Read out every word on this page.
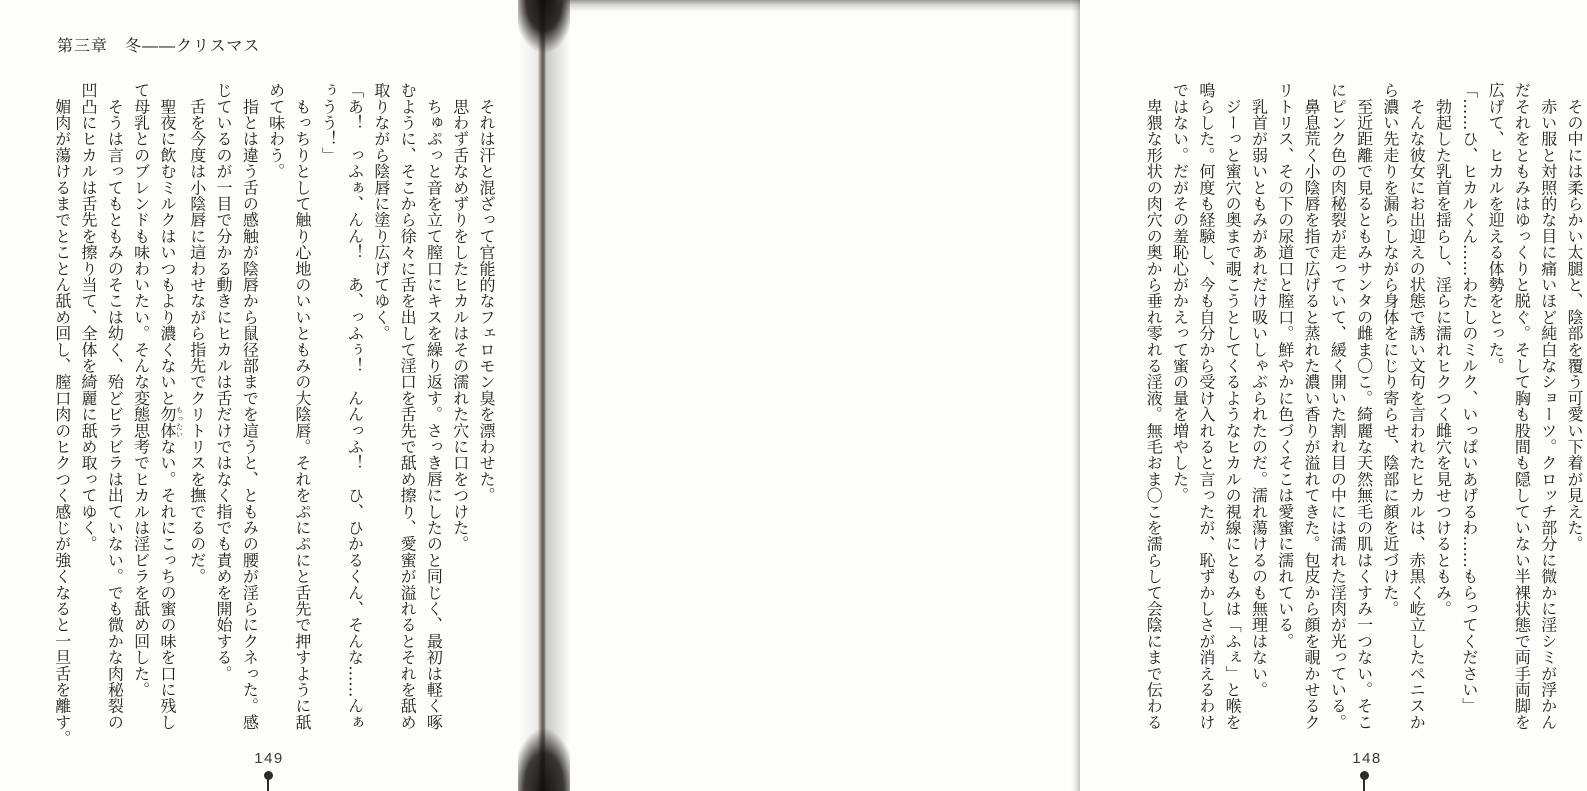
第三章　冬――クリスマス
　それは汗と混ざって官能的なフェロモン臭を漂わせた。
　思わず舌なめずりをしたヒカルはその濡れた穴に口をつけた。
　ちゅぷっと音を立て膣口にキスを繰り返す。さっき唇にしたのと同じく、最初は軽く啄
むように、そこから徐々に舌を出して淫口を舌先で舐め擦り、愛蜜が溢れるとそれを舐め
取りながら陰唇に塗り広げてゆく。
「あ！　っふぁ、んん！　あ、っふぅ！　んんっふ！　ひ、ひかるくん、そんな……んぁ
ぅうう！」
　もっちりとして触り心地のいいともみの大陰唇。それをぷにぷにと舌先で押すように舐
めて味わう。
　指とは違う舌の感触が陰唇から鼠径部までを這うと、ともみの腰が淫らにクネった。感
じているのが一目で分かる動きにヒカルは舌だけではなく指でも責めを開始する。
　舌を今度は小陰唇に這わせながら指先でクリトリスを撫でるのだ。
　聖夜に飲むミルクはいつもより濃くないと勿体もったいない。それにこっちの蜜の味を口に残し
て母乳とのブレンドも味わいたい。そんな変態思考でヒカルは淫ビラを舐め回した。
　そうは言ってもともみのそこは幼く、殆どビラビラは出ていない。でも微かな肉秘裂の
凹凸にヒカルは舌先を擦り当て、全体を綺麗に舐め取ってゆく。
　媚肉が蕩けるまでとことん舐め回し、膣口肉のヒクつく感じが強くなると一旦舌を離す。
149
　その中には柔らかい太腿と、陰部を覆う可愛い下着が見えた。
　赤い服と対照的な目に痛いほど純白なショーツ。クロッチ部分に微かに淫シミが浮かん
だそれをともみはゆっくりと脱ぐ。そして胸も股間も隠していない半裸状態で両手両脚を
広げて、ヒカルを迎える体勢をとった。
「……ひ、ヒカルくん……わたしのミルク、いっぱいあげるわ……もらってください」
　勃起した乳首を揺らし、淫らに濡れヒクつく雌穴を見せつけるともみ。
　そんな彼女にお出迎えの状態で誘い文句を言われたヒカルは、赤黒く屹立したペニスか
ら濃い先走りを漏らしながら身体をにじり寄らせ、陰部に顔を近づけた。
　至近距離で見るともみサンタの雌ま〇こ。綺麗な天然無毛の肌はくすみ一つない。そこ
にピンク色の肉秘裂が走っていて、緩く開いた割れ目の中には濡れた淫肉が光っている。
　鼻息荒く小陰唇を指で広げると蒸れた濃い香りが溢れてきた。包皮から顔を覗かせるク
リトリス、その下の尿道口と膣口。鮮やかに色づくそこは愛蜜に濡れている。
　乳首が弱いともみがあれだけ吸いしゃぶられたのだ。濡れ蕩けるのも無理はない。
　ジーっと蜜穴の奥まで覗こうとしてくるようなヒカルの視線にともみは「ふぇ」と喉を
鳴らした。何度も経験し、今も自分から受け入れると言ったが、恥ずかしさが消えるわけ
ではない。だがその羞恥心がかえって蜜の量を増やした。
　卑猥な形状の肉穴の奥から垂れ零れる淫液。無毛おま〇こを濡らして会陰にまで伝わる
148
